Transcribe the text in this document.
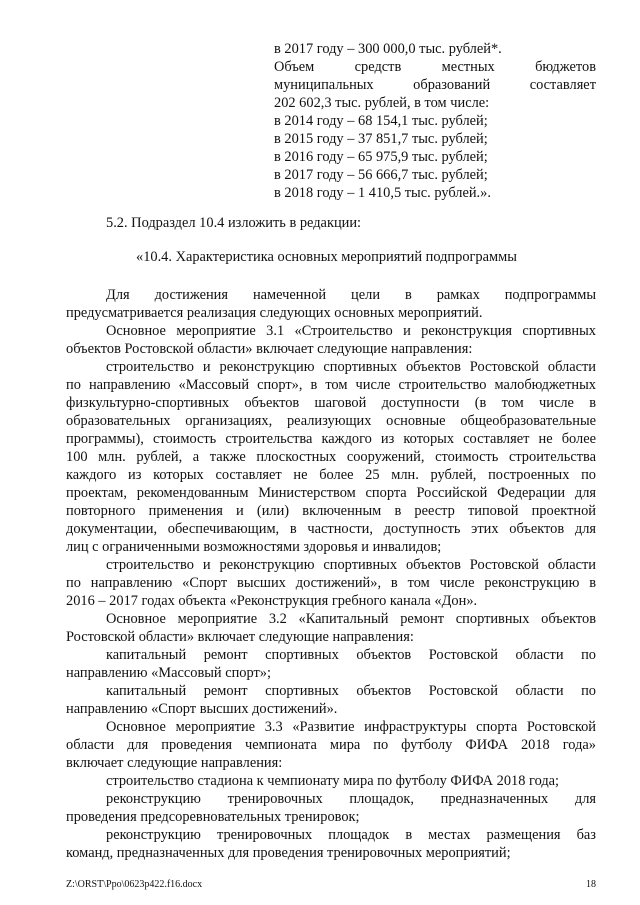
в 2017 году – 300 000,0 тыс. рублей*.
Объем средств местных бюджетов
муниципальных образований составляет
202 602,3 тыс. рублей, в том числе:
в 2014 году – 68 154,1 тыс. рублей;
в 2015 году – 37 851,7 тыс. рублей;
в 2016 году – 65 975,9 тыс. рублей;
в 2017 году – 56 666,7 тыс. рублей;
в 2018 году – 1 410,5 тыс. рублей.».
5.2. Подраздел 10.4 изложить в редакции:
«10.4. Характеристика основных мероприятий подпрограммы
Для достижения намеченной цели в рамках подпрограммы
предусматривается реализация следующих основных мероприятий.
Основное мероприятие 3.1 «Строительство и реконструкция спортивных
объектов Ростовской области» включает следующие направления:
строительство и реконструкцию спортивных объектов Ростовской области
по направлению «Массовый спорт», в том числе строительство малобюджетных
физкультурно-спортивных объектов шаговой доступности (в том числе в
образовательных организациях, реализующих основные общеобразовательные
программы), стоимость строительства каждого из которых составляет не более
100 млн. рублей, а также плоскостных сооружений, стоимость строительства
каждого из которых составляет не более 25 млн. рублей, построенных по
проектам, рекомендованным Министерством спорта Российской Федерации для
повторного применения и (или) включенным в реестр типовой проектной
документации, обеспечивающим, в частности, доступность этих объектов для
лиц с ограниченными возможностями здоровья и инвалидов;
строительство и реконструкцию спортивных объектов Ростовской области
по направлению «Спорт высших достижений», в том числе реконструкцию в
2016 – 2017 годах объекта «Реконструкция гребного канала «Дон».
Основное мероприятие 3.2 «Капитальный ремонт спортивных объектов
Ростовской области» включает следующие направления:
капитальный ремонт спортивных объектов Ростовской области по
направлению «Массовый спорт»;
капитальный ремонт спортивных объектов Ростовской области по
направлению «Спорт высших достижений».
Основное мероприятие 3.3 «Развитие инфраструктуры спорта Ростовской
области для проведения чемпионата мира по футболу ФИФА 2018 года»
включает следующие направления:
строительство стадиона к чемпионату мира по футболу ФИФА 2018 года;
реконструкцию тренировочных площадок, предназначенных для
проведения предсоревновательных тренировок;
реконструкцию тренировочных площадок в местах размещения баз
команд, предназначенных для проведения тренировочных мероприятий;
Z:\ORST\Ppo\0623p422.f16.docx	18
